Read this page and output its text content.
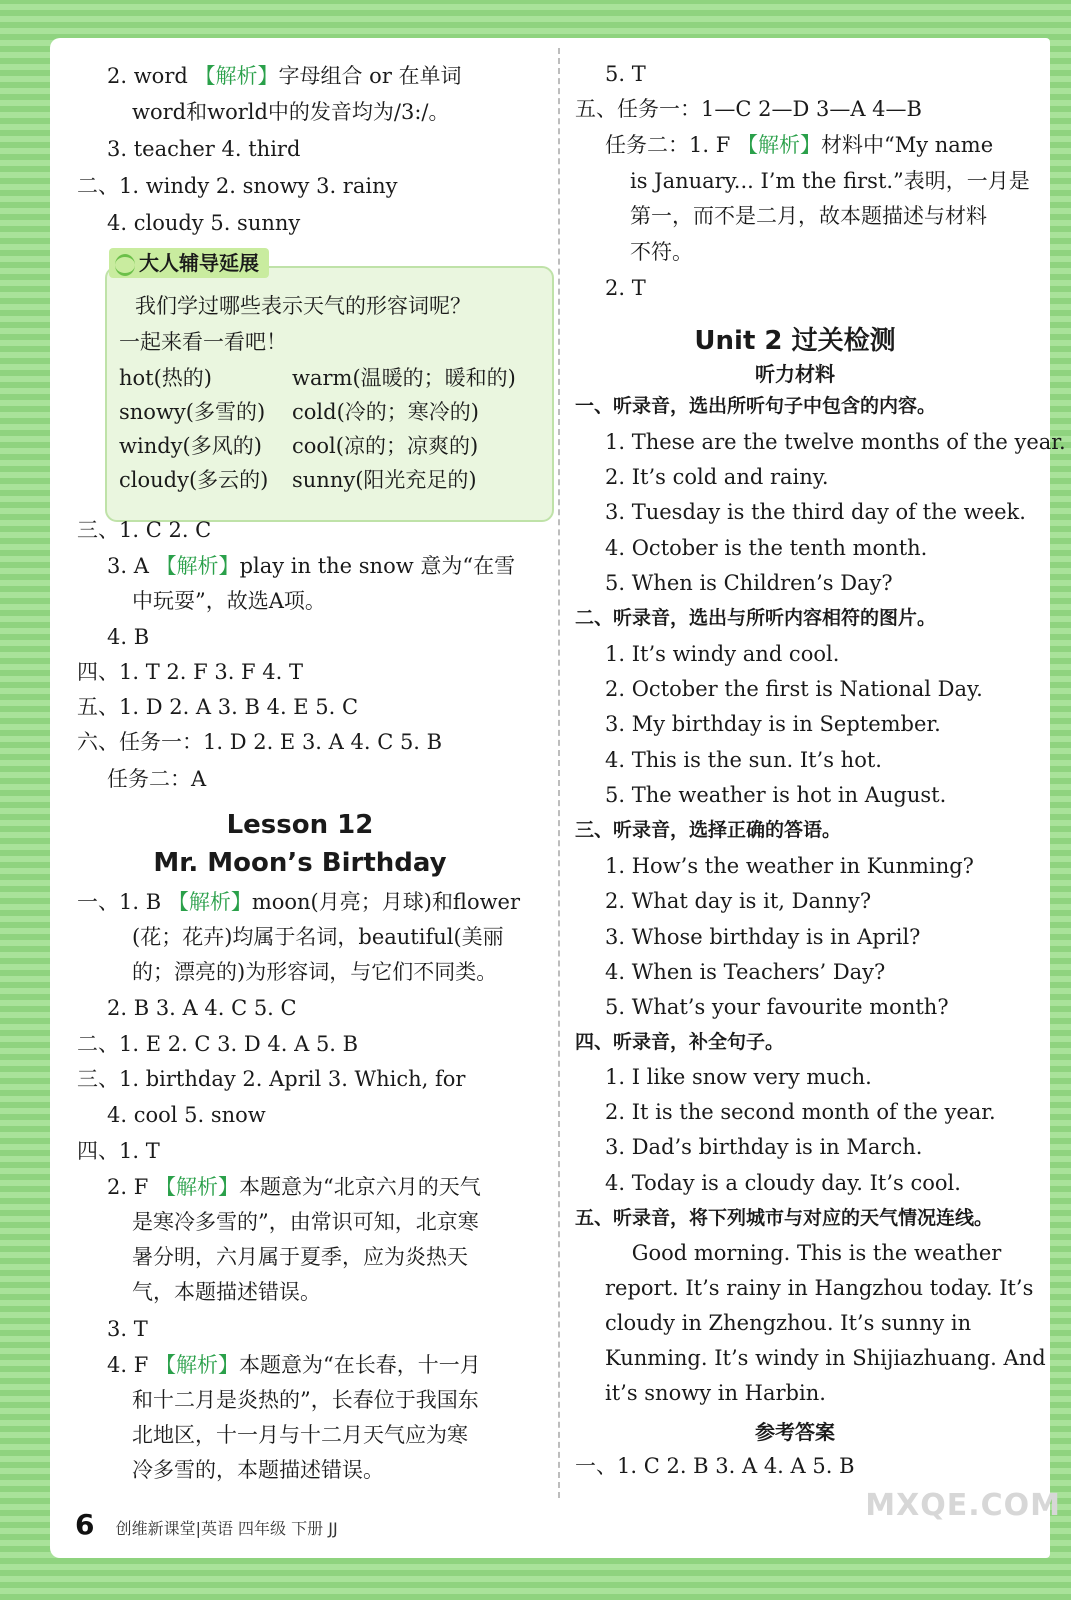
2. word 【解析】字母组合 or 在单词
word和world中的发音均为/3:/。
3. teacher 4. third
二、1. windy 2. snowy 3. rainy
4. cloudy 5. sunny
我们学过哪些表示天气的形容词呢？
一起来看一看吧！
hot(热的)	warm(温暖的；暖和的)
snowy(多雪的) cold(冷的；寒冷的)
windy(多风的) cool(凉的；凉爽的)
cloudy(多云的) sunny(阳光充足的)
大人辅导延展
三、1. C 2. C
3. A 【解析】play in the snow 意为“在雪
中玩耍”，故选A项。
4. B
四、1. T 2. F 3. F 4. T
五、1. D 2. A 3. B 4. E 5. C
六、任务一：1. D 2. E 3. A 4. C 5. B
任务二：A
Lesson 12
Mr. Moon’s Birthday
一、1. B 【解析】moon(月亮；月球)和flower
(花；花卉)均属于名词，beautiful(美丽
的；漂亮的)为形容词，与它们不同类。
2. B 3. A 4. C 5. C
二、1. E 2. C 3. D 4. A 5. B
三、1. birthday 2. April 3. Which, for
4. cool 5. snow
四、1. T
2. F 【解析】本题意为“北京六月的天气
是寒冷多雪的”，由常识可知，北京寒
暑分明，六月属于夏季，应为炎热天
气，本题描述错误。
3. T
4. F 【解析】本题意为“在长春，十一月
和十二月是炎热的”，长春位于我国东
北地区，十一月与十二月天气应为寒
冷多雪的，本题描述错误。
5. T
五、任务一：1—C 2—D 3—A 4—B
任务二：1. F 【解析】材料中“My name
is January... I’m the first.”表明，一月是
第一，而不是二月，故本题描述与材料
不符。
2. T
Unit 2 过关检测
听力材料
一、听录音，选出所听句子中包含的内容。
1. These are the twelve months of the year.
2. It’s cold and rainy.
3. Tuesday is the third day of the week.
4. October is the tenth month.
5. When is Children’s Day?
二、听录音，选出与所听内容相符的图片。
1. It’s windy and cool.
2. October the first is National Day.
3. My birthday is in September.
4. This is the sun. It’s hot.
5. The weather is hot in August.
三、听录音，选择正确的答语。
1. How’s the weather in Kunming?
2. What day is it, Danny?
3. Whose birthday is in April?
4. When is Teachers’ Day?
5. What’s your favourite month?
四、听录音，补全句子。
1. I like snow very much.
2. It is the second month of the year.
3. Dad’s birthday is in March.
4. Today is a cloudy day. It’s cool.
五、听录音，将下列城市与对应的天气情况连线。
Good morning. This is the weather
report. It’s rainy in Hangzhou today. It’s
cloudy in Zhengzhou. It’s sunny in
Kunming. It’s windy in Shijiazhuang. And
it’s snowy in Harbin.
参考答案
一、1. C 2. B 3. A 4. A 5. B
6 创维新课堂|英语 四年级 下册 JJ
MXQE.COM
